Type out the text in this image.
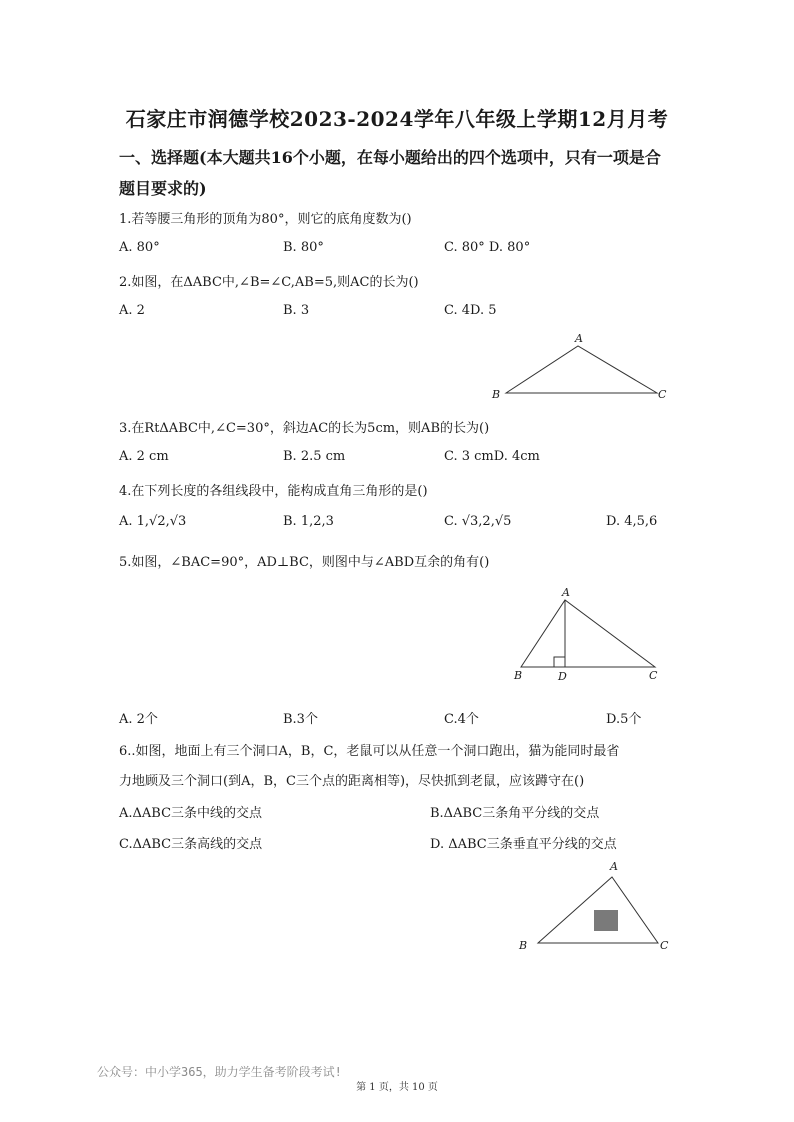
石家庄市润德学校2023-2024学年八年级上学期12月月考
一、选择题(本大题共16个小题，在每小题给出的四个选项中，只有一项是合
题目要求的)
1.若等腰三角形的顶角为80°，则它的底角度数为()
A. 80°	B. 80°	C. 80° D. 80°
2.如图，在ΔABC中,∠B=∠C,AB=5,则AC的长为()
A. 2	B. 3	C. 4D. 5
A
B	C
3.在RtΔABC中,∠C=30°，斜边AC的长为5cm，则AB的长为()
A. 2 cm	B. 2.5 cm	C. 3 cmD. 4cm
4.在下列长度的各组线段中，能构成直角三角形的是()
A. 1,√2,√3	B. 1,2,3	C. √3,2,√5	D. 4,5,6
5.如图，∠BAC=90°，AD⊥BC，则图中与∠ABD互余的角有()
A
B	D	C
A. 2个	B.3个	C.4个	D.5个
6..如图，地面上有三个洞口A，B，C，老鼠可以从任意一个洞口跑出，猫为能同时最省
力地顾及三个洞口(到A，B，C三个点的距离相等)，尽快抓到老鼠，应该蹲守在()
A.ΔABC三条中线的交点	B.ΔABC三条角平分线的交点
C.ΔABC三条高线的交点	D. ΔABC三条垂直平分线的交点
A
B	C
公众号：中小学365，助力学生备考阶段考试!
第 1 页，共 10 页
